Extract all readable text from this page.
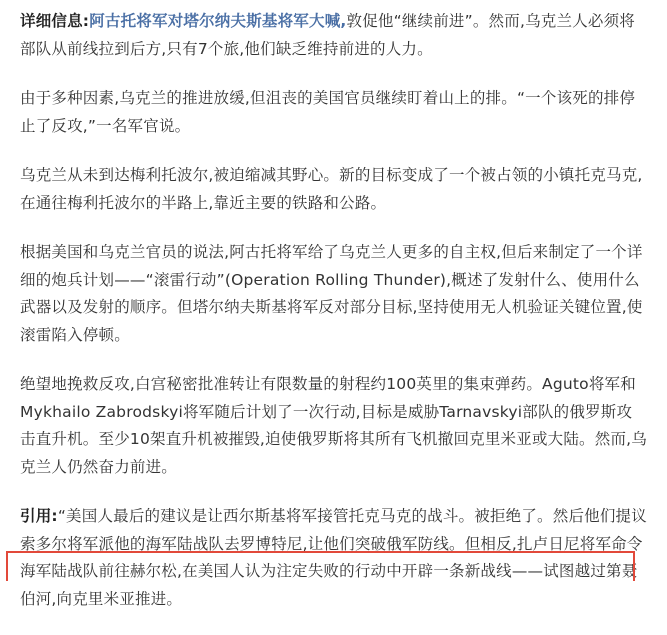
详细信息:阿古托将军对塔尔纳夫斯基将军大喊,敦促他“继续前进”。然而,乌克兰人必须将部队从前线拉到后方,只有7个旅,他们缺乏维持前进的人力。

由于多种因素,乌克兰的推进放缓,但沮丧的美国官员继续盯着山上的排。“一个该死的排停止了反攻,”一名军官说。

乌克兰从未到达梅利托波尔,被迫缩减其野心。新的目标变成了一个被占领的小镇托克马克,在通往梅利托波尔的半路上,靠近主要的铁路和公路。

根据美国和乌克兰官员的说法,阿古托将军给了乌克兰人更多的自主权,但后来制定了一个详细的炮兵计划——“滚雷行动”(Operation Rolling Thunder),概述了发射什么、使用什么武器以及发射的顺序。但塔尔纳夫斯基将军反对部分目标,坚持使用无人机验证关键位置,使滚雷陷入停顿。

绝望地挽救反攻,白宫秘密批准转让有限数量的射程约100英里的集束弹药。Aguto将军和Mykhailo Zabrodskyi将军随后计划了一次行动,目标是威胁Tarnavskyi部队的俄罗斯攻击直升机。至少10架直升机被摧毁,迫使俄罗斯将其所有飞机撤回克里米亚或大陆。然而,乌克兰人仍然奋力前进。

引用:“美国人最后的建议是让西尔斯基将军接管托克马克的战斗。被拒绝了。然后他们提议索多尔将军派他的海军陆战队去罗博特尼,让他们突破俄军防线。但相反,扎卢日尼将军命令海军陆战队前往赫尔松,在美国人认为注定失败的行动中开辟一条新战线——试图越过第聂伯河,向克里米亚推进。
